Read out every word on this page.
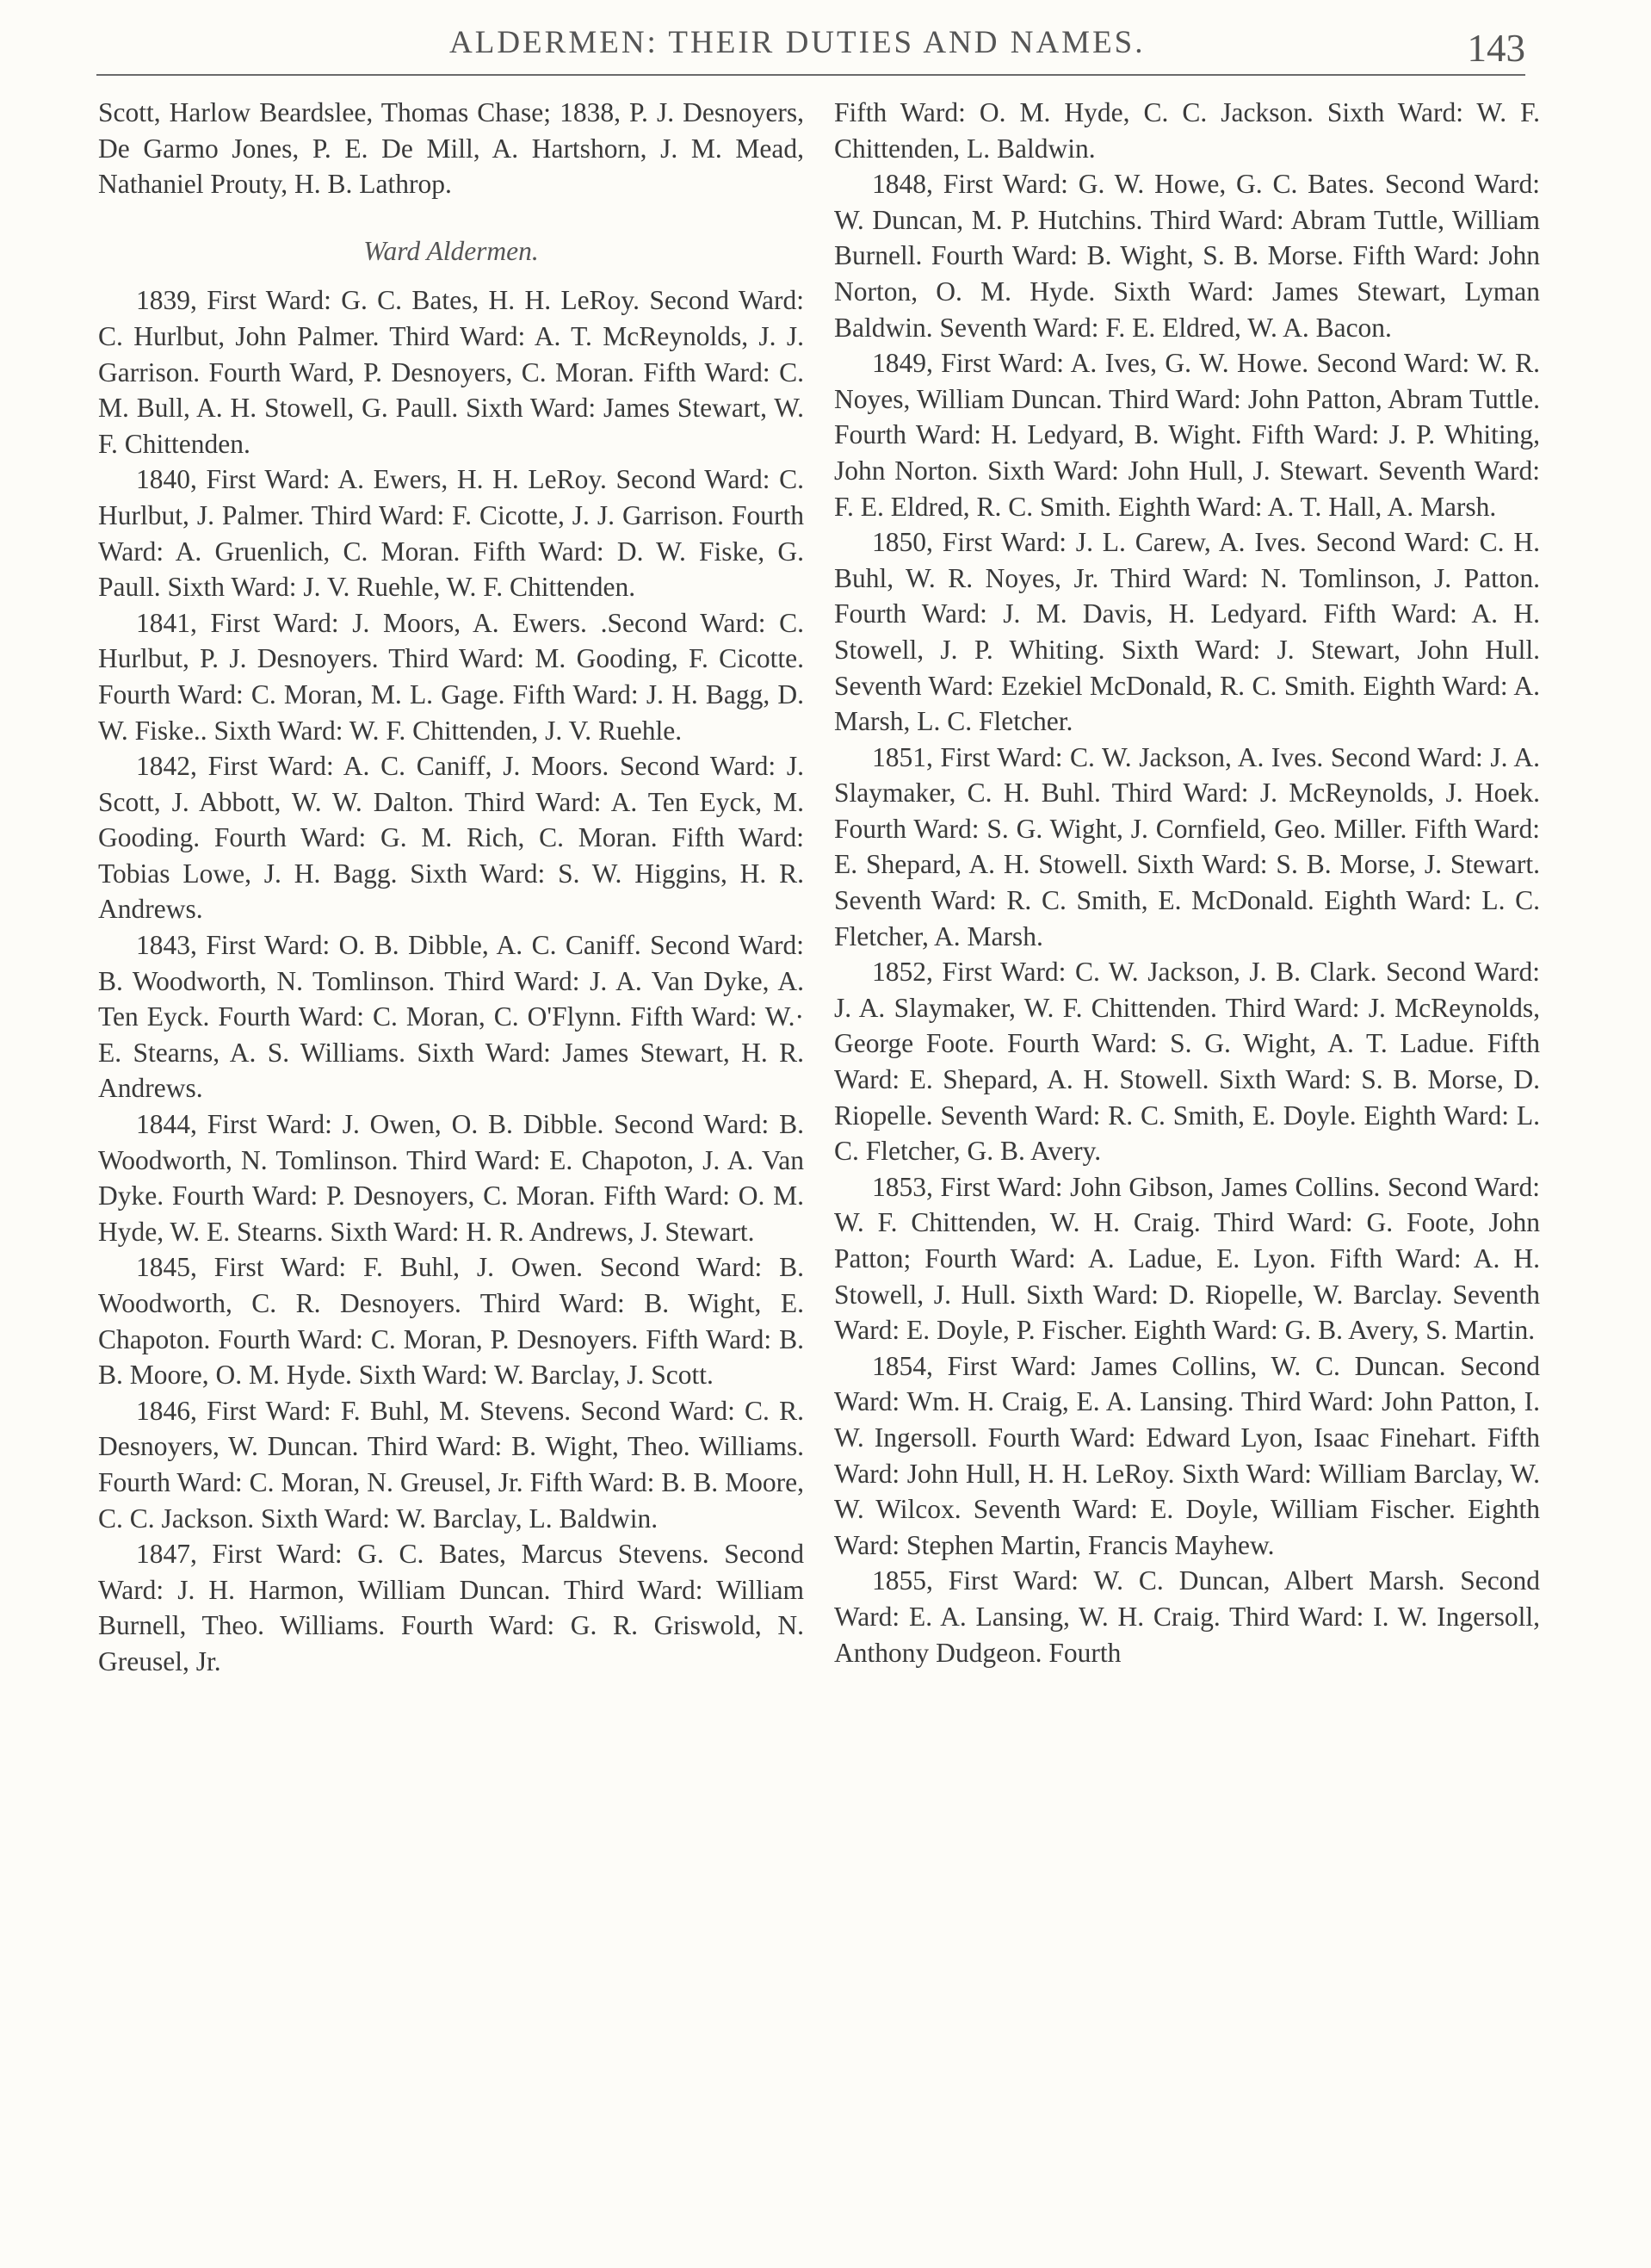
ALDERMEN: THEIR DUTIES AND NAMES.	143

Scott, Harlow Beardslee, Thomas Chase; 1838, P. J. Desnoyers, De Garmo Jones, P. E. De Mill, A. Hartshorn, J. M. Mead, Nathaniel Prouty, H. B. Lathrop.

Ward Aldermen.

1839, First Ward: G. C. Bates, H. H. LeRoy. Second Ward: C. Hurlbut, John Palmer. Third Ward: A. T. McReynolds, J. J. Garrison. Fourth Ward, P. Desnoyers, C. Moran. Fifth Ward: C. M. Bull, A. H. Stowell, G. Paull. Sixth Ward: James Stewart, W. F. Chittenden.

1840, First Ward: A. Ewers, H. H. LeRoy. Second Ward: C. Hurlbut, J. Palmer. Third Ward: F. Cicotte, J. J. Garrison. Fourth Ward: A. Gruenlich, C. Moran. Fifth Ward: D. W. Fiske, G. Paull. Sixth Ward: J. V. Ruehle, W. F. Chittenden.

1841, First Ward: J. Moors, A. Ewers. .Second Ward: C. Hurlbut, P. J. Desnoyers. Third Ward: M. Gooding, F. Cicotte. Fourth Ward: C. Moran, M. L. Gage. Fifth Ward: J. H. Bagg, D. W. Fiske.. Sixth Ward: W. F. Chittenden, J. V. Ruehle.

1842, First Ward: A. C. Caniff, J. Moors. Second Ward: J. Scott, J. Abbott, W. W. Dalton. Third Ward: A. Ten Eyck, M. Gooding. Fourth Ward: G. M. Rich, C. Moran. Fifth Ward: Tobias Lowe, J. H. Bagg. Sixth Ward: S. W. Higgins, H. R. Andrews.

1843, First Ward: O. B. Dibble, A. C. Caniff. Second Ward: B. Woodworth, N. Tomlinson. Third Ward: J. A. Van Dyke, A. Ten Eyck. Fourth Ward: C. Moran, C. O'Flynn. Fifth Ward: W.· E. Stearns, A. S. Williams. Sixth Ward: James Stewart, H. R. Andrews.

1844, First Ward: J. Owen, O. B. Dibble. Second Ward: B. Woodworth, N. Tomlinson. Third Ward: E. Chapoton, J. A. Van Dyke. Fourth Ward: P. Desnoyers, C. Moran. Fifth Ward: O. M. Hyde, W. E. Stearns. Sixth Ward: H. R. Andrews, J. Stewart.

1845, First Ward: F. Buhl, J. Owen. Second Ward: B. Woodworth, C. R. Desnoyers. Third Ward: B. Wight, E. Chapoton. Fourth Ward: C. Moran, P. Desnoyers. Fifth Ward: B. B. Moore, O. M. Hyde. Sixth Ward: W. Barclay, J. Scott.

1846, First Ward: F. Buhl, M. Stevens. Second Ward: C. R. Desnoyers, W. Duncan. Third Ward: B. Wight, Theo. Williams. Fourth Ward: C. Moran, N. Greusel, Jr. Fifth Ward: B. B. Moore, C. C. Jackson. Sixth Ward: W. Barclay, L. Baldwin.

1847, First Ward: G. C. Bates, Marcus Stevens. Second Ward: J. H. Harmon, William Duncan. Third Ward: William Burnell, Theo. Williams. Fourth Ward: G. R. Griswold, N. Greusel, Jr.

Fifth Ward: O. M. Hyde, C. C. Jackson. Sixth Ward: W. F. Chittenden, L. Baldwin.

1848, First Ward: G. W. Howe, G. C. Bates. Second Ward: W. Duncan, M. P. Hutchins. Third Ward: Abram Tuttle, William Burnell. Fourth Ward: B. Wight, S. B. Morse. Fifth Ward: John Norton, O. M. Hyde. Sixth Ward: James Stewart, Lyman Baldwin. Seventh Ward: F. E. Eldred, W. A. Bacon.

1849, First Ward: A. Ives, G. W. Howe. Second Ward: W. R. Noyes, William Duncan. Third Ward: John Patton, Abram Tuttle. Fourth Ward: H. Ledyard, B. Wight. Fifth Ward: J. P. Whiting, John Norton. Sixth Ward: John Hull, J. Stewart. Seventh Ward: F. E. Eldred, R. C. Smith. Eighth Ward: A. T. Hall, A. Marsh.

1850, First Ward: J. L. Carew, A. Ives. Second Ward: C. H. Buhl, W. R. Noyes, Jr. Third Ward: N. Tomlinson, J. Patton. Fourth Ward: J. M. Davis, H. Ledyard. Fifth Ward: A. H. Stowell, J. P. Whiting. Sixth Ward: J. Stewart, John Hull. Seventh Ward: Ezekiel McDonald, R. C. Smith. Eighth Ward: A. Marsh, L. C. Fletcher.

1851, First Ward: C. W. Jackson, A. Ives. Second Ward: J. A. Slaymaker, C. H. Buhl. Third Ward: J. McReynolds, J. Hoek. Fourth Ward: S. G. Wight, J. Cornfield, Geo. Miller. Fifth Ward: E. Shepard, A. H. Stowell. Sixth Ward: S. B. Morse, J. Stewart. Seventh Ward: R. C. Smith, E. McDonald. Eighth Ward: L. C. Fletcher, A. Marsh.

1852, First Ward: C. W. Jackson, J. B. Clark. Second Ward: J. A. Slaymaker, W. F. Chittenden. Third Ward: J. McReynolds, George Foote. Fourth Ward: S. G. Wight, A. T. Ladue. Fifth Ward: E. Shepard, A. H. Stowell. Sixth Ward: S. B. Morse, D. Riopelle. Seventh Ward: R. C. Smith, E. Doyle. Eighth Ward: L. C. Fletcher, G. B. Avery.

1853, First Ward: John Gibson, James Collins. Second Ward: W. F. Chittenden, W. H. Craig. Third Ward: G. Foote, John Patton; Fourth Ward: A. Ladue, E. Lyon. Fifth Ward: A. H. Stowell, J. Hull. Sixth Ward: D. Riopelle, W. Barclay. Seventh Ward: E. Doyle, P. Fischer. Eighth Ward: G. B. Avery, S. Martin.

1854, First Ward: James Collins, W. C. Duncan. Second Ward: Wm. H. Craig, E. A. Lansing. Third Ward: John Patton, I. W. Ingersoll. Fourth Ward: Edward Lyon, Isaac Finehart. Fifth Ward: John Hull, H. H. LeRoy. Sixth Ward: William Barclay, W. W. Wilcox. Seventh Ward: E. Doyle, William Fischer. Eighth Ward: Stephen Martin, Francis Mayhew.

1855, First Ward: W. C. Duncan, Albert Marsh. Second Ward: E. A. Lansing, W. H. Craig. Third Ward: I. W. Ingersoll, Anthony Dudgeon. Fourth
